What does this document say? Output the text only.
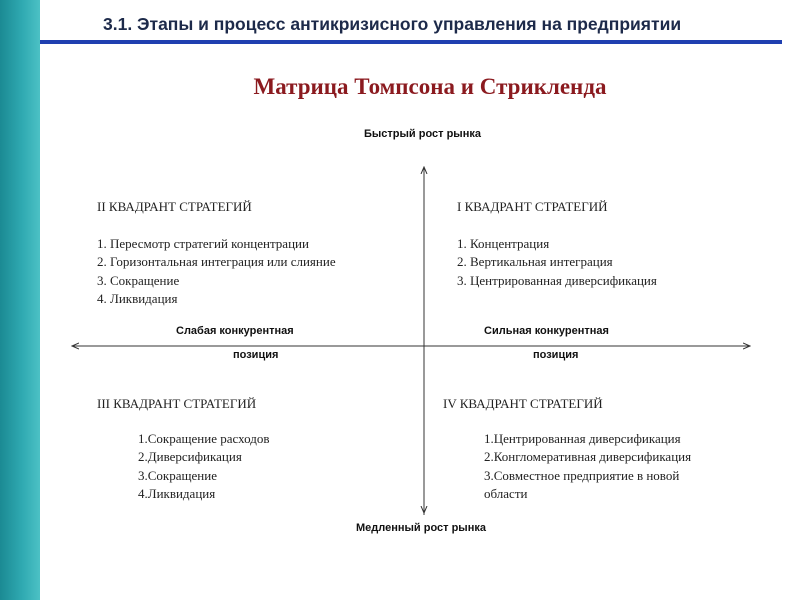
3.1. Этапы и процесс антикризисного управления на предприятии
Матрица Томпсона и Стрикленда
Быстрый рост рынка
Медленный рост рынка
Слабая конкурентная
позиция
Сильная конкурентная
позиция
II КВАДРАНТ СТРАТЕГИЙ
1. Пересмотр стратегий концентрации
2. Горизонтальная интеграция или слияние
3. Сокращение
4. Ликвидация
I КВАДРАНТ СТРАТЕГИЙ
1. Концентрация
2. Вертикальная интеграция
3. Центрированная диверсификация
III КВАДРАНТ СТРАТЕГИЙ
1.Сокращение расходов
2.Диверсификация
3.Сокращение
4.Ликвидация
IV КВАДРАНТ СТРАТЕГИЙ
1.Центрированная диверсификация
2.Конгломеративная диверсификация
3.Совместное предприятие в новой
области
